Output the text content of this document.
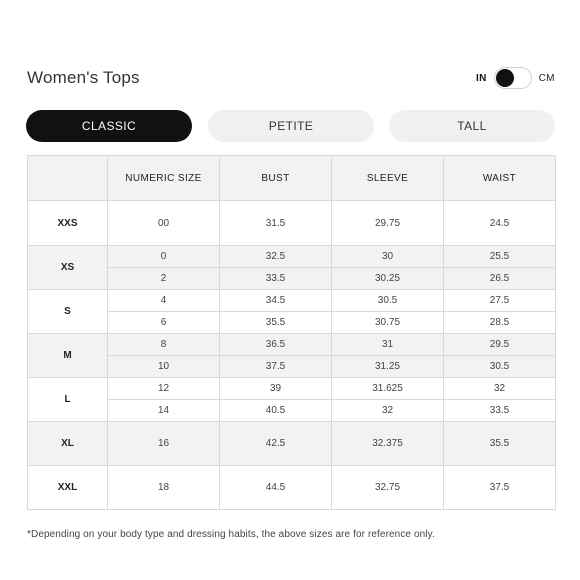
Women's Tops	IN	CM
CLASSIC	PETITE	TALL
	NUMERIC SIZE	BUST	SLEEVE	WAIST
XXS	00	31.5	29.75	24.5
XS	0	32.5	30	25.5
	2	33.5	30.25	26.5
S	4	34.5	30.5	27.5
	6	35.5	30.75	28.5
M	8	36.5	31	29.5
	10	37.5	31.25	30.5
L	12	39	31.625	32
	14	40.5	32	33.5
XL	16	42.5	32.375	35.5
XXL	18	44.5	32.75	37.5
*Depending on your body type and dressing habits, the above sizes are for reference only.
